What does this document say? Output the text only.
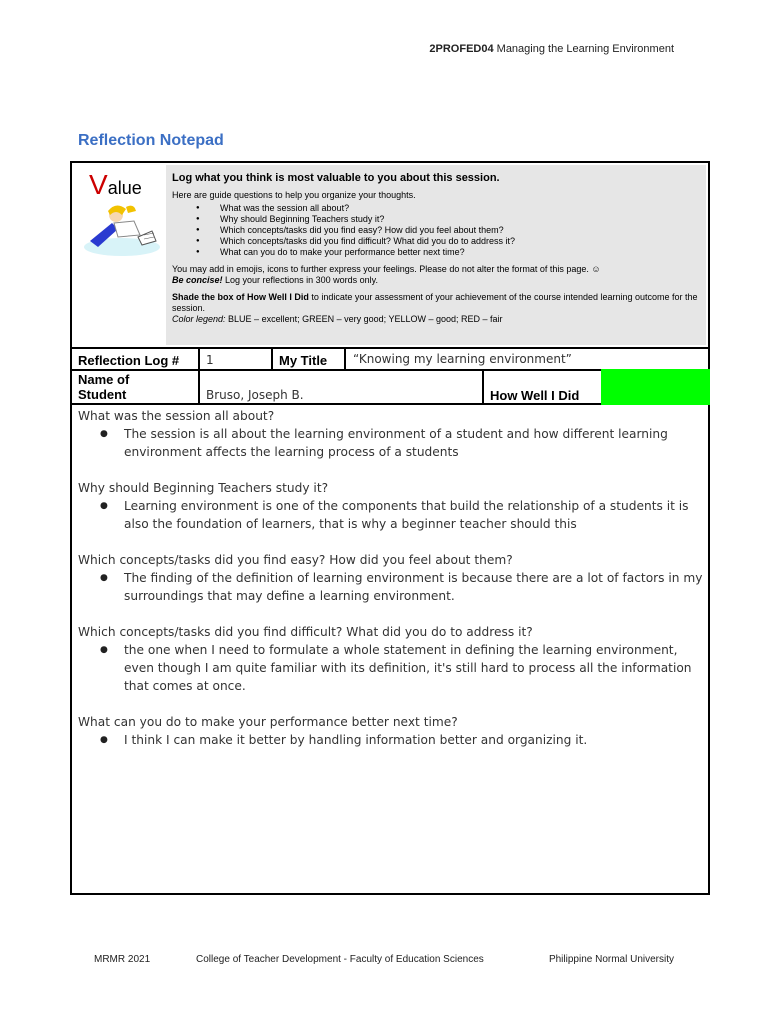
2PROFED04 Managing the Learning Environment
Reflection Notepad
Value	Log what you think is most valuable to you about this session.
Here are guide questions to help you organize your thoughts.
● What was the session all about?
● Why should Beginning Teachers study it?
● Which concepts/tasks did you find easy? How did you feel about them?
● Which concepts/tasks did you find difficult? What did you do to address it?
● What can you do to make your performance better next time?

You may add in emojis, icons to further express your feelings. Please do not alter the format of this page. ☺

Be concise! Log your reflections in 300 words only.

Shade the box of How Well I Did to indicate your assessment of your achievement of the course intended learning outcome for the session.

Color legend: BLUE – excellent; GREEN – very good; YELLOW – good; RED – fair

Reflection Log # 1	My Title “Knowing my learning environment”
Name of
Student	Bruso, Joseph B.	How Well I Did

What was the session all about?

● The session is all about the learning environment of a student and how different learning environment affects the learning process of a students

Why should Beginning Teachers study it?

● Learning environment is one of the components that build the relationship of a students it is also the foundation of learners, that is why a beginner teacher should this

Which concepts/tasks did you find easy? How did you feel about them?

● The finding of the definition of learning environment is because there are a lot of factors in my surroundings that may define a learning environment.

Which concepts/tasks did you find difficult? What did you do to address it?

● the one when I need to formulate a whole statement in defining the learning environment, even though I am quite familiar with its definition, it's still hard to process all the information that comes at once.

What can you do to make your performance better next time?

● I think I can make it better by handling information better and organizing it.
MRMR 2021	College of Teacher Development - Faculty of Education Sciences	Philippine Normal University
